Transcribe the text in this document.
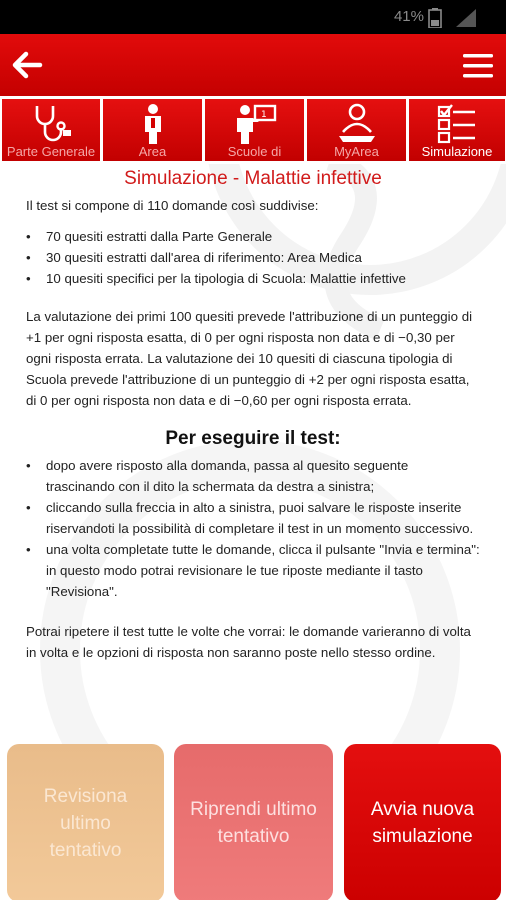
41%
Parte Generale	Area
1
Scuole di	MyArea	Simulazione
Simulazione - Malattie infettive
Il test si compone di 110 domande così suddivise:
• 70 quesiti estratti dalla Parte Generale
• 30 quesiti estratti dall'area di riferimento: Area Medica
• 10 quesiti specifici per la tipologia di Scuola: Malattie infettive
La valutazione dei primi 100 quesiti prevede l'attribuzione di un punteggio di +1 per ogni risposta esatta, di 0 per ogni risposta non data e di −0,30 per ogni risposta errata. La valutazione dei 10 quesiti di ciascuna tipologia di Scuola prevede l'attribuzione di un punteggio di +2 per ogni risposta esatta, di 0 per ogni risposta non data e di −0,60 per ogni risposta errata.
Per eseguire il test:
• dopo avere risposto alla domanda, passa al quesito seguente trascinando con il dito la schermata da destra a sinistra;
• cliccando sulla freccia in alto a sinistra, puoi salvare le risposte inserite riservandoti la possibilità di completare il test in un momento successivo.
• una volta completate tutte le domande, clicca il pulsante "Invia e termina": in questo modo potrai revisionare le tue riposte mediante il tasto "Revisiona".
Potrai ripetere il test tutte le volte che vorrai: le domande varieranno di volta in volta e le opzioni di risposta non saranno poste nello stesso ordine.
Revisiona ultimo
tentativo
Riprendi ultimo
tentativo
Avvia nuova
simulazione
